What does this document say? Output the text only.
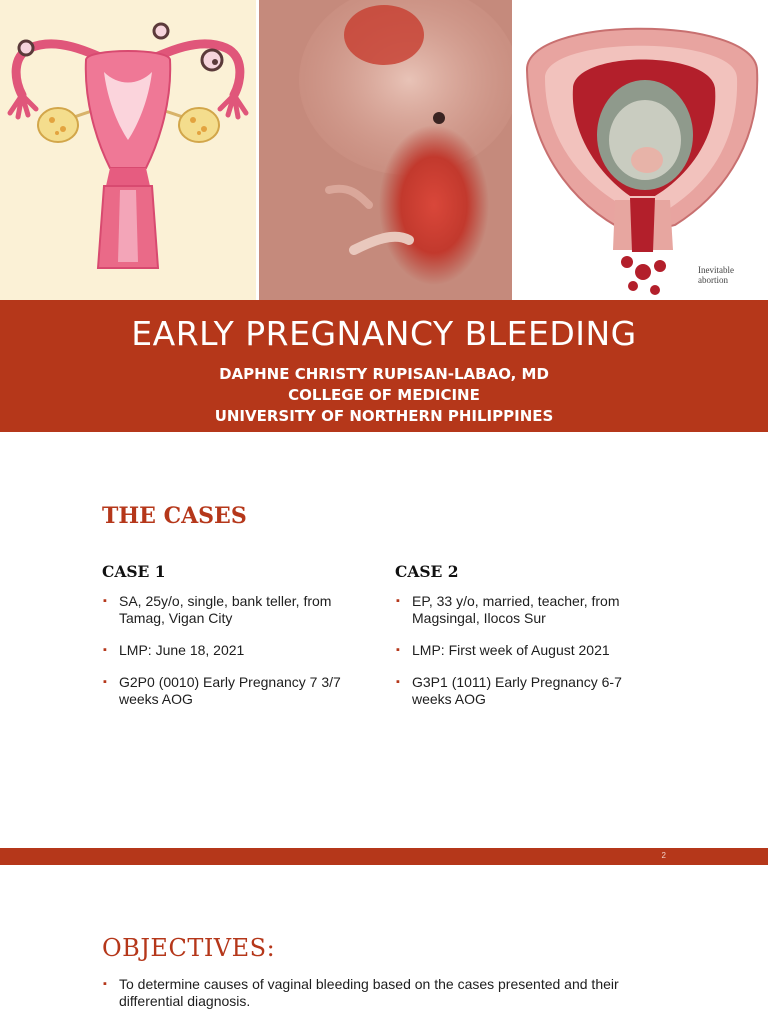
Inevitable
abortion
EARLY PREGNANCY BLEEDING
DAPHNE CHRISTY RUPISAN-LABAO, MD
COLLEGE OF MEDICINE
UNIVERSITY OF NORTHERN PHILIPPINES
THE CASES
CASE 1
▪ SA, 25y/o, single, bank teller, from Tamag, Vigan City
▪ LMP: June 18, 2021
▪ G2P0 (0010) Early Pregnancy 7 3/7 weeks AOG
CASE 2
▪ EP, 33 y/o, married, teacher, from Magsingal, Ilocos Sur
▪ LMP: First week of August 2021
▪ G3P1 (1011) Early Pregnancy 6-7 weeks AOG
2
OBJECTIVES:
▪ To determine causes of vaginal bleeding based on the cases presented and their differential diagnosis.
